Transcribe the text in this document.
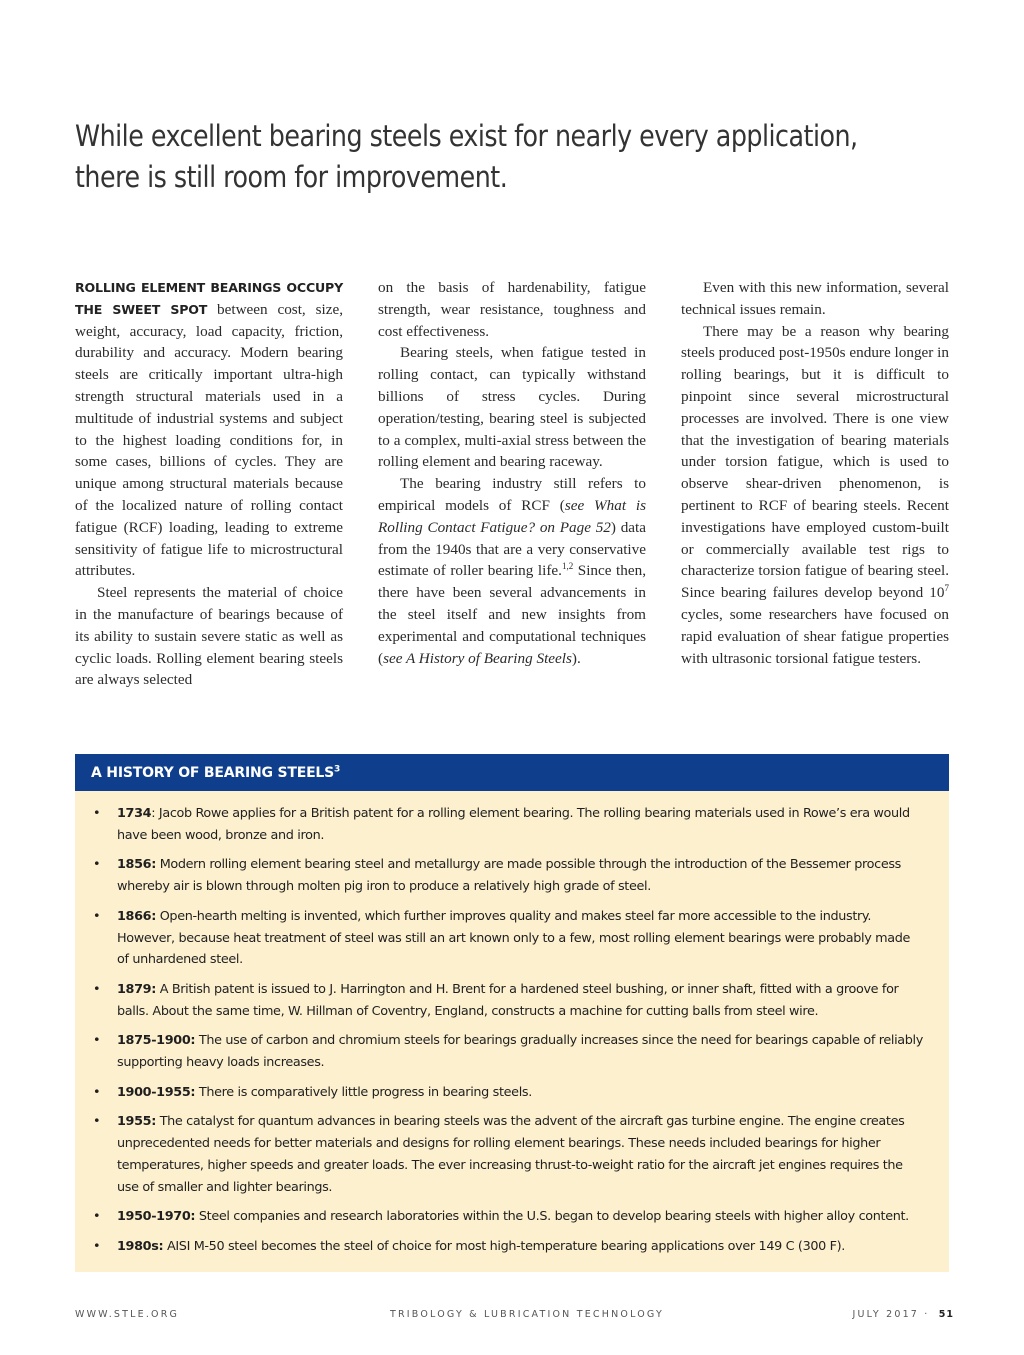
While excellent bearing steels exist for nearly every application,
there is still room for improvement.

ROLLING ELEMENT BEARINGS OCCUPY THE SWEET SPOT between cost, size, weight, accuracy, load capacity, friction, durability and accuracy. Modern bearing steels are critically important ultra-high strength structural materials used in a multitude of industrial systems and subject to the highest loading conditions for, in some cases, billions of cycles. They are unique among structural materials because of the localized nature of rolling contact fatigue (RCF) loading, leading to extreme sensitivity of fatigue life to microstructural attributes.

Steel represents the material of choice in the manufacture of bearings because of its ability to sustain severe static as well as cyclic loads. Rolling element bearing steels are always selected

on the basis of hardenability, fatigue strength, wear resistance, toughness and cost effectiveness.

Bearing steels, when fatigue tested in rolling contact, can typically withstand billions of stress cycles. During operation/testing, bearing steel is subjected to a complex, multi-axial stress between the rolling element and bearing raceway.

The bearing industry still refers to empirical models of RCF (see What is Rolling Contact Fatigue? on Page 52) data from the 1940s that are a very conservative estimate of roller bearing life.$^{1,2}$ Since then, there have been several advancements in the steel itself and new insights from experimental and computational techniques (see A History of Bearing Steels).

Even with this new information, several technical issues remain.

There may be a reason why bearing steels produced post-1950s endure longer in rolling bearings, but it is difficult to pinpoint since several microstructural processes are involved. There is one view that the investigation of bearing materials under torsion fatigue, which is used to observe shear-driven phenomenon, is pertinent to RCF of bearing steels. Recent investigations have employed custom-built or commercially available test rigs to characterize torsion fatigue of bearing steel. Since bearing failures develop beyond $10^7$ cycles, some researchers have focused on rapid evaluation of shear fatigue properties with ultrasonic torsional fatigue testers.

A HISTORY OF BEARING STEELS$^3$
• 1734: Jacob Rowe applies for a British patent for a rolling element bearing. The rolling bearing materials used in Rowe’s era would have been wood, bronze and iron.
• 1856: Modern rolling element bearing steel and metallurgy are made possible through the introduction of the Bessemer process whereby air is blown through molten pig iron to produce a relatively high grade of steel.
• 1866: Open-hearth melting is invented, which further improves quality and makes steel far more accessible to the industry. However, because heat treatment of steel was still an art known only to a few, most rolling element bearings were probably made of unhardened steel.
• 1879: A British patent is issued to J. Harrington and H. Brent for a hardened steel bushing, or inner shaft, fitted with a groove for balls. About the same time, W. Hillman of Coventry, England, constructs a machine for cutting balls from steel wire.
• 1875-1900: The use of carbon and chromium steels for bearings gradually increases since the need for bearings capable of reliably supporting heavy loads increases.
• 1900-1955: There is comparatively little progress in bearing steels.
• 1955: The catalyst for quantum advances in bearing steels was the advent of the aircraft gas turbine engine. The engine creates unprecedented needs for better materials and designs for rolling element bearings. These needs included bearings for higher temperatures, higher speeds and greater loads. The ever increasing thrust-to-weight ratio for the aircraft jet engines requires the use of smaller and lighter bearings.
• 1950-1970: Steel companies and research laboratories within the U.S. began to develop bearing steels with higher alloy content.
• 1980s: AISI M-50 steel becomes the steel of choice for most high-temperature bearing applications over 149 C (300 F).
WWW.STLE.ORG	TRIBOLOGY & LUBRICATION TECHNOLOGY	JULY 2017 · 51
